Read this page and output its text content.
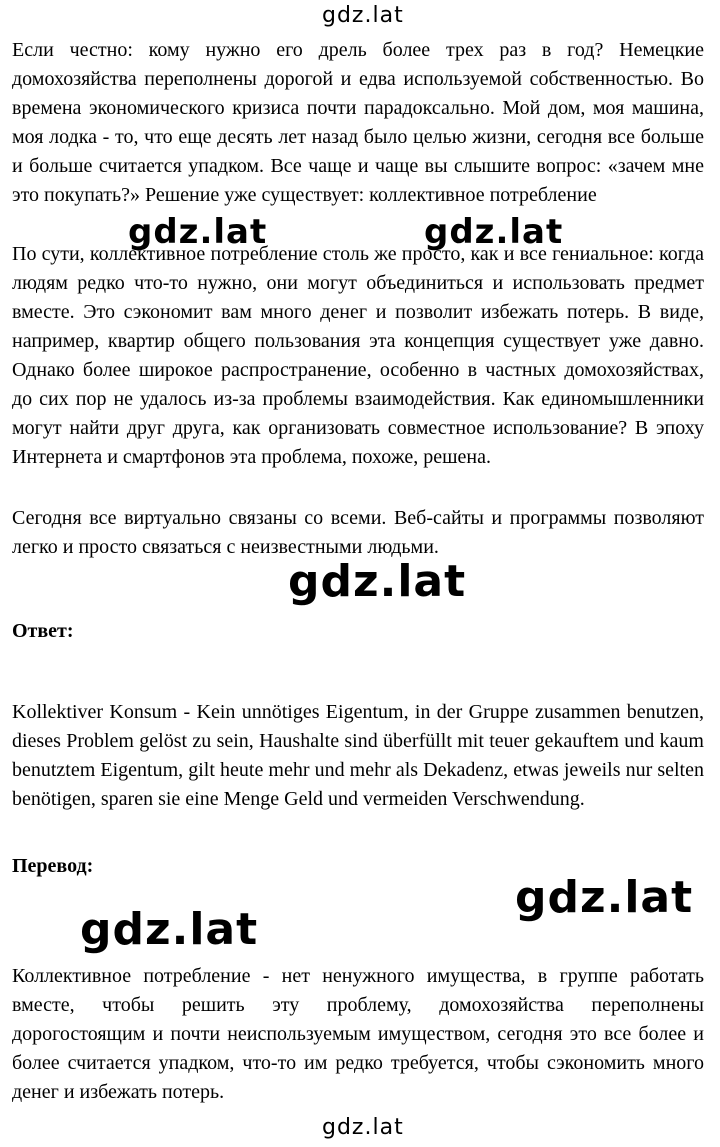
gdz.lat

Если честно: кому нужно его дрель более трех раз в год? Немецкие домохозяйства переполнены дорогой и едва используемой собственностью. Во времена экономического кризиса почти парадоксально. Мой дом, моя машина, моя лодка - то, что еще десять лет назад было целью жизни, сегодня все больше и больше считается упадком. Все чаще и чаще вы слышите вопрос: «зачем мне это покупать?» Решение уже существует: коллективное потребление

По сути, коллективное потребление столь же просто, как и все гениальное: когда людям редко что-то нужно, они могут объединиться и использовать предмет вместе. Это сэкономит вам много денег и позволит избежать потерь. В виде, например, квартир общего пользования эта концепция существует уже давно. Однако более широкое распространение, особенно в частных домохозяйствах, до сих пор не удалось из-за проблемы взаимодействия. Как единомышленники могут найти друг друга, как организовать совместное использование? В эпоху Интернета и смартфонов эта проблема, похоже, решена.

Сегодня все виртуально связаны со всеми. Веб-сайты и программы позволяют легко и просто связаться с неизвестными людьми.

gdz.lat	gdz.lat
gdz.lat

Ответ:

Kollektiver Konsum - Kein unnötiges Eigentum, in der Gruppe zusammen benutzen, dieses Problem gelöst zu sein, Haushalte sind überfüllt mit teuer gekauftem und kaum benutztem Eigentum, gilt heute mehr und mehr als Dekadenz, etwas jeweils nur selten benötigen, sparen sie eine Menge Geld und vermeiden Verschwendung.

Перевод:

gdz.lat
gdz.lat

Коллективное потребление - нет ненужного имущества, в группе работать вместе, чтобы решить эту проблему, домохозяйства переполнены дорогостоящим и почти неиспользуемым имуществом, сегодня это все более и более считается упадком, что-то им редко требуется, чтобы сэкономить много денег и избежать потерь.

gdz.lat
